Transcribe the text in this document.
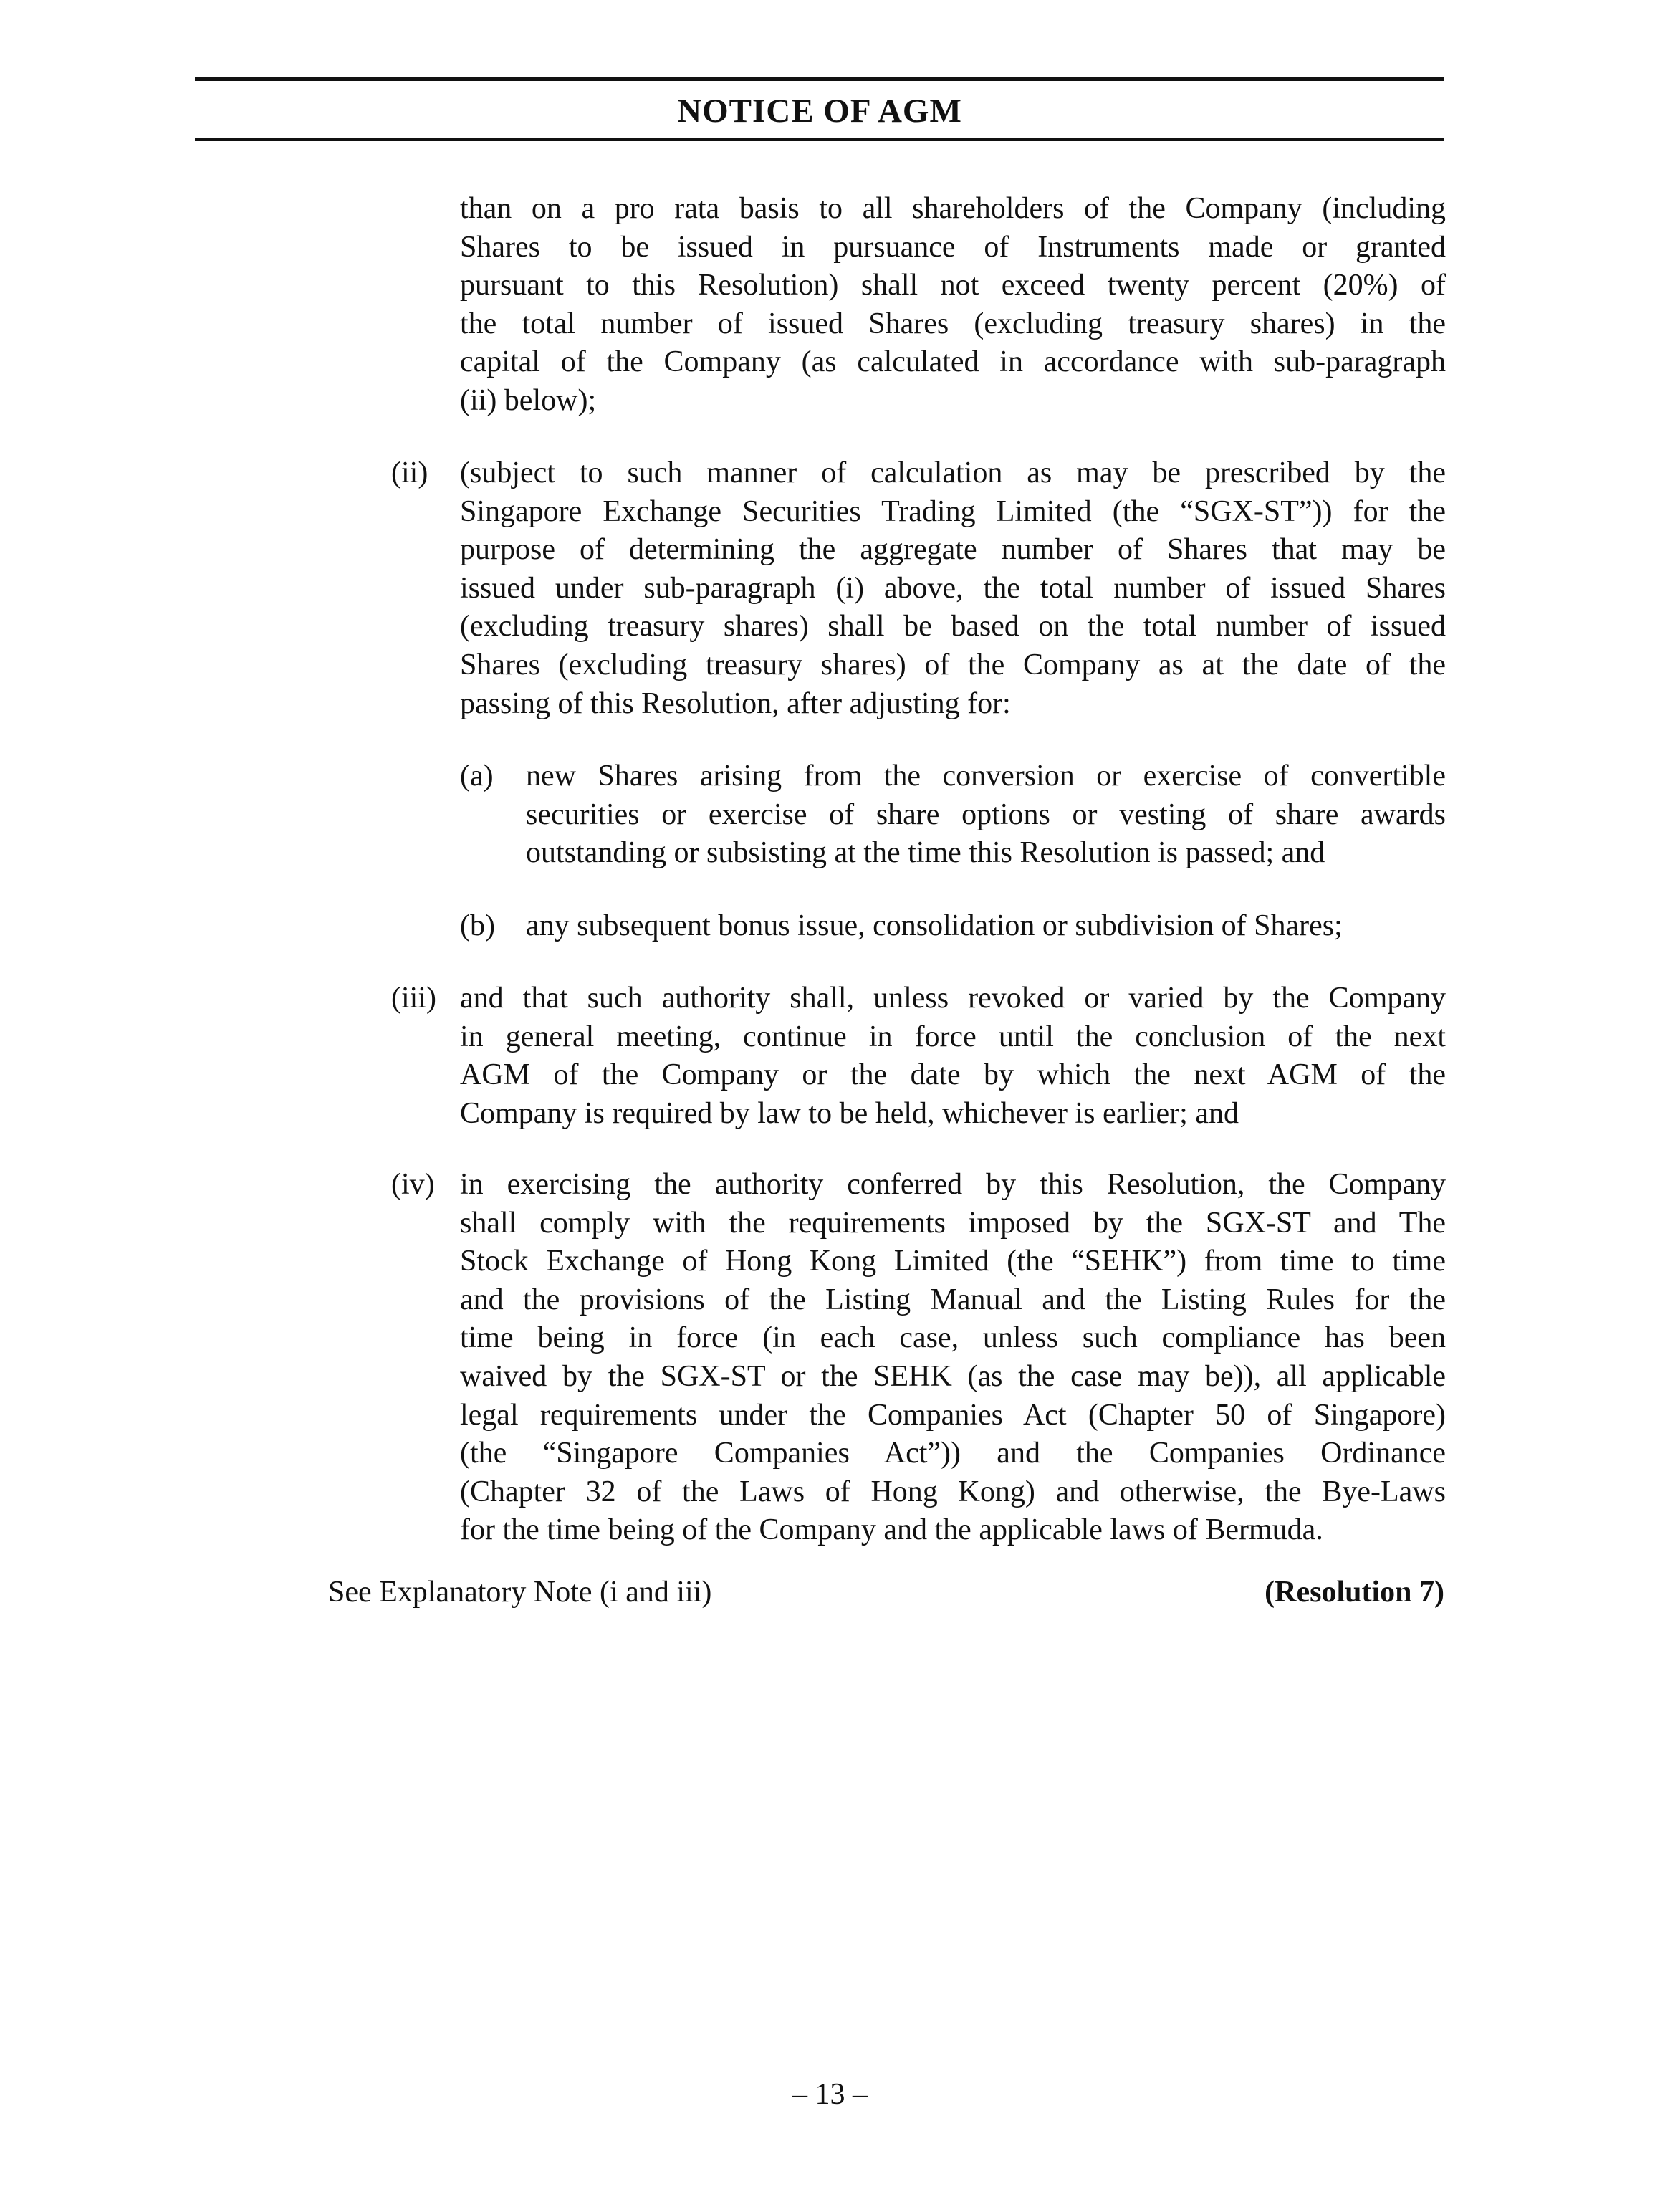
NOTICE OF AGM
than on a pro rata basis to all shareholders of the Company (including
Shares to be issued in pursuance of Instruments made or granted
pursuant to this Resolution) shall not exceed twenty percent (20%) of
the total number of issued Shares (excluding treasury shares) in the
capital of the Company (as calculated in accordance with sub-paragraph
(ii) below);
(ii) (subject to such manner of calculation as may be prescribed by the
Singapore Exchange Securities Trading Limited (the “SGX-ST”)) for the
purpose of determining the aggregate number of Shares that may be
issued under sub-paragraph (i) above, the total number of issued Shares
(excluding treasury shares) shall be based on the total number of issued
Shares (excluding treasury shares) of the Company as at the date of the
passing of this Resolution, after adjusting for:
(a) new Shares arising from the conversion or exercise of convertible
securities or exercise of share options or vesting of share awards
outstanding or subsisting at the time this Resolution is passed; and
(b) any subsequent bonus issue, consolidation or subdivision of Shares;
(iii) and that such authority shall, unless revoked or varied by the Company
in general meeting, continue in force until the conclusion of the next
AGM of the Company or the date by which the next AGM of the
Company is required by law to be held, whichever is earlier; and
(iv) in exercising the authority conferred by this Resolution, the Company
shall comply with the requirements imposed by the SGX-ST and The
Stock Exchange of Hong Kong Limited (the “SEHK”) from time to time
and the provisions of the Listing Manual and the Listing Rules for the
time being in force (in each case, unless such compliance has been
waived by the SGX-ST or the SEHK (as the case may be)), all applicable
legal requirements under the Companies Act (Chapter 50 of Singapore)
(the “Singapore Companies Act”)) and the Companies Ordinance
(Chapter 32 of the Laws of Hong Kong) and otherwise, the Bye-Laws
for the time being of the Company and the applicable laws of Bermuda.
See Explanatory Note (i and iii)	(Resolution 7)
– 13 –
